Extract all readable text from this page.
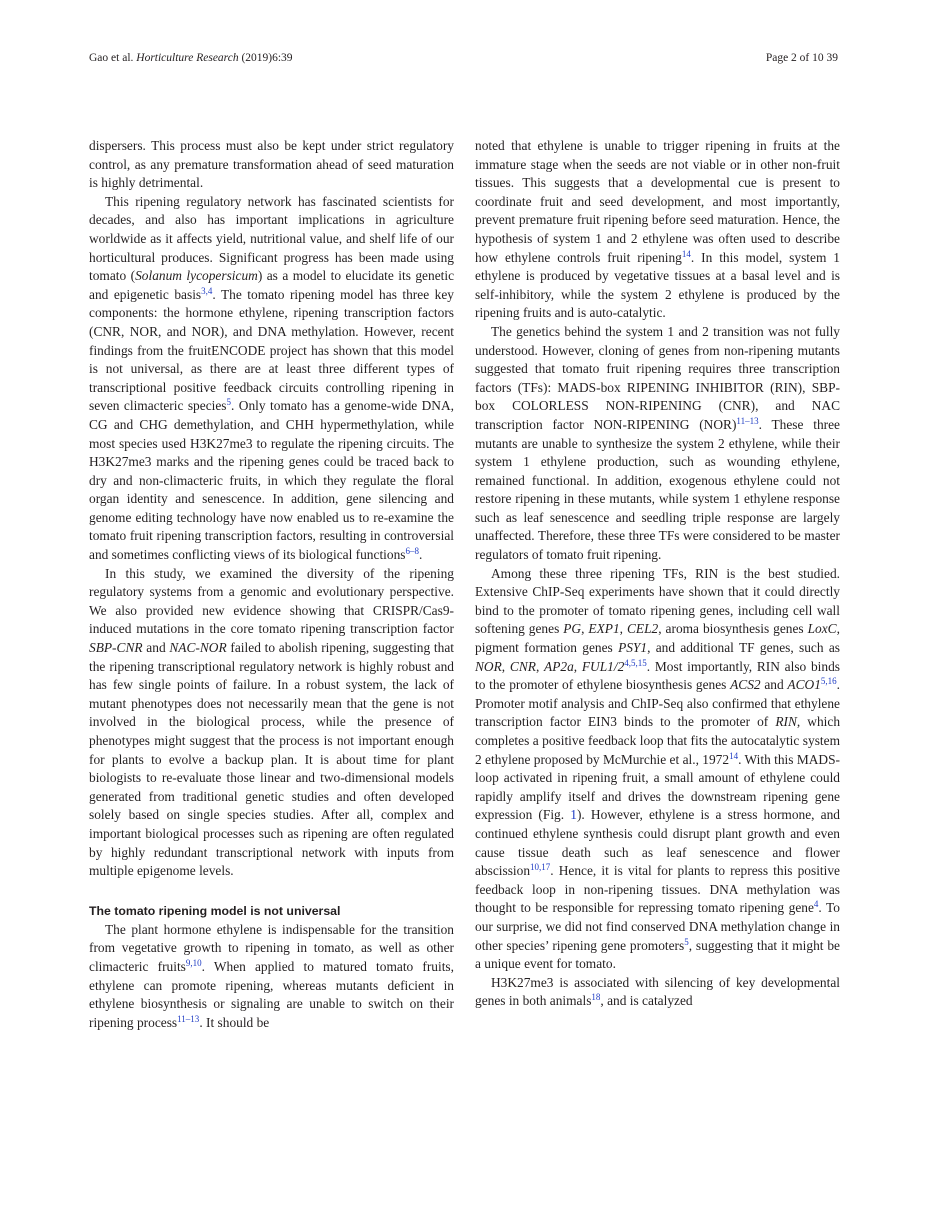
Gao et al. Horticulture Research (2019)6:39	Page 2 of 10 39

dispersers. This process must also be kept under strict regulatory control, as any premature transformation ahead of seed maturation is highly detrimental.

This ripening regulatory network has fascinated scientists for decades, and also has important implications in agriculture worldwide as it affects yield, nutritional value, and shelf life of our horticultural produces. Significant progress has been made using tomato (Solanum lycopersicum) as a model to elucidate its genetic and epigenetic basis$^{3,4}$. The tomato ripening model has three key components: the hormone ethylene, ripening transcription factors (CNR, NOR, and NOR), and DNA methylation. However, recent findings from the fruitENCODE project has shown that this model is not universal, as there are at least three different types of transcriptional positive feedback circuits controlling ripening in seven climacteric species$^5$. Only tomato has a genome-wide DNA, CG and CHG demethylation, and CHH hypermethylation, while most species used H3K27me3 to regulate the ripening circuits. The H3K27me3 marks and the ripening genes could be traced back to dry and non-climacteric fruits, in which they regulate the floral organ identity and senescence. In addition, gene silencing and genome editing technology have now enabled us to re-examine the tomato fruit ripening transcription factors, resulting in controversial and sometimes conflicting views of its biological functions$^{6-8}$.

In this study, we examined the diversity of the ripening regulatory systems from a genomic and evolutionary perspective. We also provided new evidence showing that CRISPR/Cas9-induced mutations in the core tomato ripening transcription factor SBP-CNR and NAC-NOR failed to abolish ripening, suggesting that the ripening transcriptional regulatory network is highly robust and has few single points of failure. In a robust system, the lack of mutant phenotypes does not necessarily mean that the gene is not involved in the biological process, while the presence of phenotypes might suggest that the process is not important enough for plants to evolve a backup plan. It is about time for plant biologists to re-evaluate those linear and two-dimensional models generated from traditional genetic studies and often developed solely based on single species studies. After all, complex and important biological processes such as ripening are often regulated by highly redundant transcriptional network with inputs from multiple epigenome levels.

The tomato ripening model is not universal

The plant hormone ethylene is indispensable for the transition from vegetative growth to ripening in tomato, as well as other climacteric fruits$^{9,10}$. When applied to matured tomato fruits, ethylene can promote ripening, whereas mutants deficient in ethylene biosynthesis or signaling are unable to switch on their ripening process$^{11-13}$. It should be

noted that ethylene is unable to trigger ripening in fruits at the immature stage when the seeds are not viable or in other non-fruit tissues. This suggests that a developmental cue is present to coordinate fruit and seed development, and most importantly, prevent premature fruit ripening before seed maturation. Hence, the hypothesis of system 1 and 2 ethylene was often used to describe how ethylene controls fruit ripening$^{14}$. In this model, system 1 ethylene is produced by vegetative tissues at a basal level and is self-inhibitory, while the system 2 ethylene is produced by the ripening fruits and is auto-catalytic.

The genetics behind the system 1 and 2 transition was not fully understood. However, cloning of genes from non-ripening mutants suggested that tomato fruit ripening requires three transcription factors (TFs): MADS-box RIPENING INHIBITOR (RIN), SBP-box COLORLESS NON-RIPENING (CNR), and NAC transcription factor NON-RIPENING (NOR)$^{11-13}$. These three mutants are unable to synthesize the system 2 ethylene, while their system 1 ethylene production, such as wounding ethylene, remained functional. In addition, exogenous ethylene could not restore ripening in these mutants, while system 1 ethylene response such as leaf senescence and seedling triple response are largely unaffected. Therefore, these three TFs were considered to be master regulators of tomato fruit ripening.

Among these three ripening TFs, RIN is the best studied. Extensive ChIP-Seq experiments have shown that it could directly bind to the promoter of tomato ripening genes, including cell wall softening genes PG, EXP1, CEL2, aroma biosynthesis genes LoxC, pigment formation genes PSY1, and additional TF genes, such as NOR, CNR, AP2a, FUL1/2$^{4,5,15}$. Most importantly, RIN also binds to the promoter of ethylene biosynthesis genes ACS2 and ACO1$^{5,16}$. Promoter motif analysis and ChIP-Seq also confirmed that ethylene transcription factor EIN3 binds to the promoter of RIN, which completes a positive feedback loop that fits the autocatalytic system 2 ethylene proposed by McMurchie et al., 1972$^{14}$. With this MADS-loop activated in ripening fruit, a small amount of ethylene could rapidly amplify itself and drives the downstream ripening gene expression (Fig. 1). However, ethylene is a stress hormone, and continued ethylene synthesis could disrupt plant growth and even cause tissue death such as leaf senescence and flower abscission$^{10,17}$. Hence, it is vital for plants to repress this positive feedback loop in non-ripening tissues. DNA methylation was thought to be responsible for repressing tomato ripening gene$^4$. To our surprise, we did not find conserved DNA methylation change in other species’ ripening gene promoters$^5$, suggesting that it might be a unique event for tomato.

H3K27me3 is associated with silencing of key developmental genes in both animals$^{18}$, and is catalyzed
